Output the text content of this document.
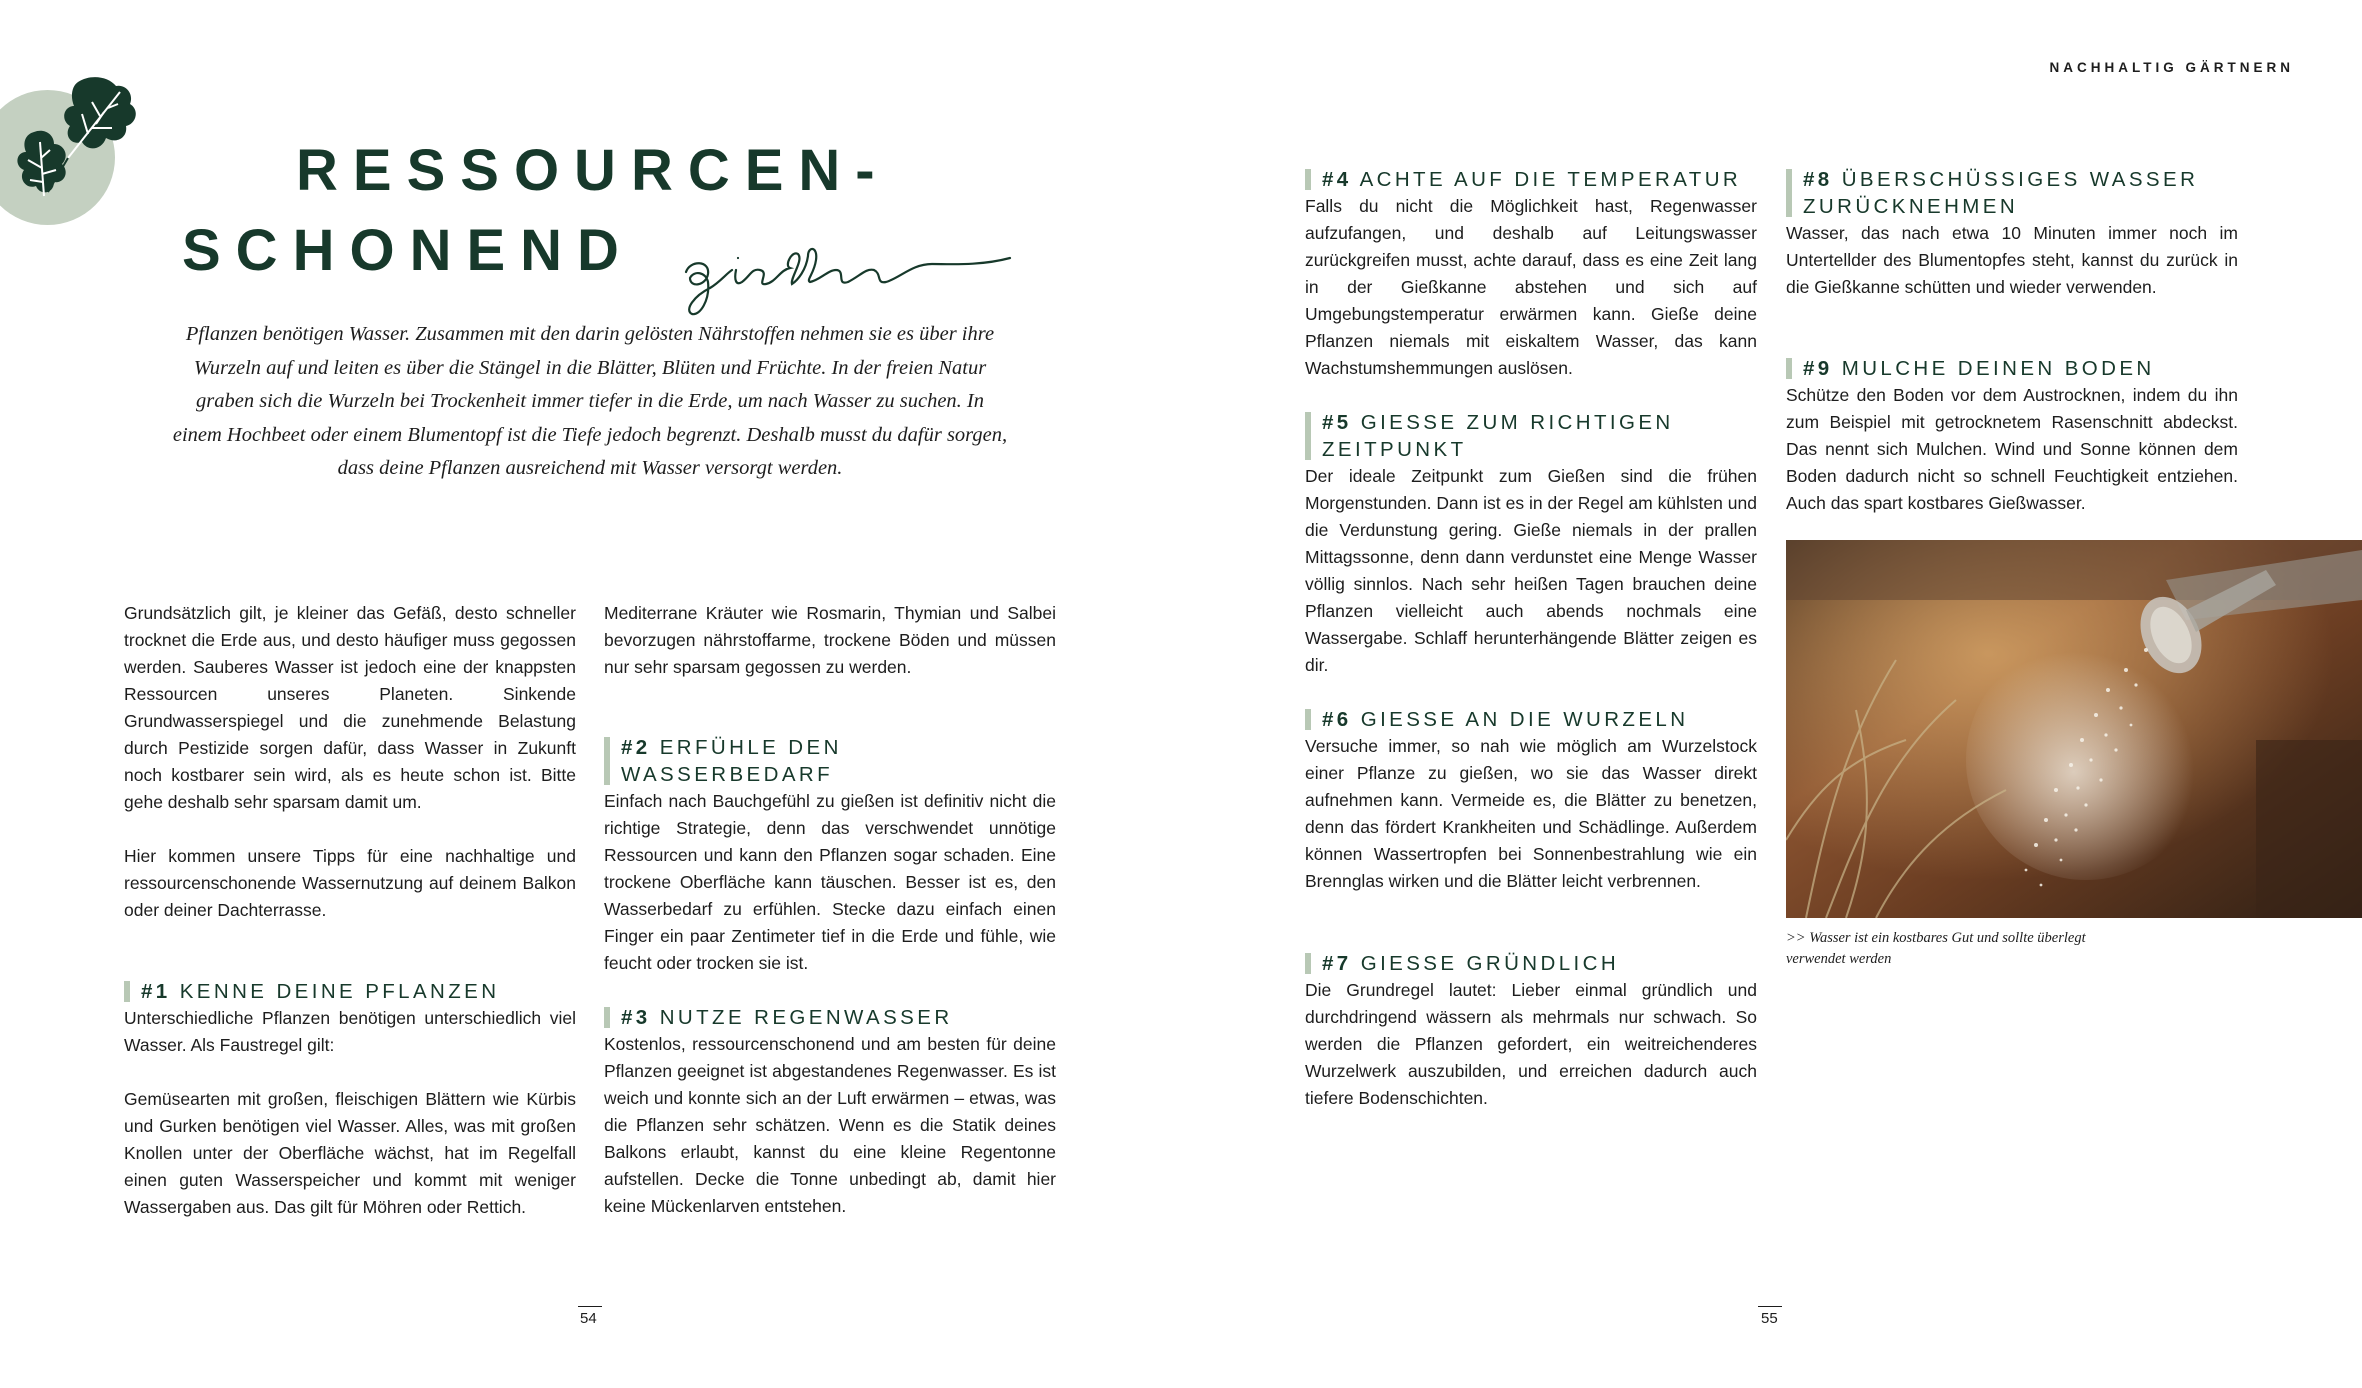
RESSOURCEN-
SCHONEND
Pflanzen benötigen Wasser. Zusammen mit den darin gelösten Nährstoffen nehmen sie es über ihre Wurzeln auf und leiten es über die Stängel in die Blätter, Blüten und Früchte. In der freien Natur graben sich die Wurzeln bei Trockenheit immer tiefer in die Erde, um nach Wasser zu suchen. In einem Hochbeet oder einem Blumentopf ist die Tiefe jedoch begrenzt. Deshalb musst du dafür sorgen, dass deine Pflanzen ausreichend mit Wasser versorgt werden.

Grundsätzlich gilt, je kleiner das Gefäß, desto schneller trocknet die Erde aus, und desto häufiger muss gegossen werden. Sauberes Wasser ist jedoch eine der knappsten Ressourcen unseres Planeten. Sinkende Grundwasserspiegel und die zunehmende Belastung durch Pestizide sorgen dafür, dass Wasser in Zukunft noch kostbarer sein wird, als es heute schon ist. Bitte gehe deshalb sehr sparsam damit um.

Hier kommen unsere Tipps für eine nachhaltige und ressourcenschonende Wassernutzung auf deinem Balkon oder deiner Dachterrasse.

#1 KENNE DEINE PFLANZEN
Unterschiedliche Pflanzen benötigen unterschiedlich viel Wasser. Als Faustregel gilt:
Gemüsearten mit großen, fleischigen Blättern wie Kürbis und Gurken benötigen viel Wasser. Alles, was mit großen Knollen unter der Oberfläche wächst, hat im Regelfall einen guten Wasserspeicher und kommt mit weniger Wassergaben aus. Das gilt für Möhren oder Rettich.

Mediterrane Kräuter wie Rosmarin, Thymian und Salbei bevorzugen nährstoffarme, trockene Böden und müssen nur sehr sparsam gegossen zu werden.

#2 ERFÜHLE DEN WASSERBEDARF
Einfach nach Bauchgefühl zu gießen ist definitiv nicht die richtige Strategie, denn das verschwendet unnötige Ressourcen und kann den Pflanzen sogar schaden. Eine trockene Oberfläche kann täuschen. Besser ist es, den Wasserbedarf zu erfühlen. Stecke dazu einfach einen Finger ein paar Zentimeter tief in die Erde und fühle, wie feucht oder trocken sie ist.
#3 NUTZE REGENWASSER
Kostenlos, ressourcenschonend und am besten für deine Pflanzen geeignet ist abgestandenes Regenwasser. Es ist weich und konnte sich an der Luft erwärmen – etwas, was die Pflanzen sehr schätzen. Wenn es die Statik deines Balkons erlaubt, kannst du eine kleine Regentonne aufstellen. Decke die Tonne unbedingt ab, damit hier keine Mückenlarven entstehen.
54
NACHHALTIG GÄRTNERN
#4 ACHTE AUF DIE TEMPERATUR
Falls du nicht die Möglichkeit hast, Regenwasser aufzufangen, und deshalb auf Leitungswasser zurückgreifen musst, achte darauf, dass es eine Zeit lang in der Gießkanne abstehen und sich auf Umgebungstemperatur erwärmen kann. Gieße deine Pflanzen niemals mit eiskaltem Wasser, das kann Wachstumshemmungen auslösen.
#5 GIESSE ZUM RICHTIGEN
ZEITPUNKT
Der ideale Zeitpunkt zum Gießen sind die frühen Morgenstunden. Dann ist es in der Regel am kühlsten und die Verdunstung gering. Gieße niemals in der prallen Mittagssonne, denn dann verdunstet eine Menge Wasser völlig sinnlos. Nach sehr heißen Tagen brauchen deine Pflanzen vielleicht auch abends nochmals eine Wassergabe. Schlaff herunterhängende Blätter zeigen es dir.
#6 GIESSE AN DIE WURZELN
Versuche immer, so nah wie möglich am Wurzelstock einer Pflanze zu gießen, wo sie das Wasser direkt aufnehmen kann. Vermeide es, die Blätter zu benetzen, denn das fördert Krankheiten und Schädlinge. Außerdem können Wassertropfen bei Sonnenbestrahlung wie ein Brennglas wirken und die Blätter leicht verbrennen.
#7 GIESSE GRÜNDLICH
Die Grundregel lautet: Lieber einmal gründlich und durchdringend wässern als mehrmals nur schwach. So werden die Pflanzen gefordert, ein weitreichenderes Wurzelwerk auszubilden, und erreichen dadurch auch tiefere Bodenschichten.
#8 ÜBERSCHÜSSIGES WASSER
ZURÜCKNEHMEN
Wasser, das nach etwa 10 Minuten immer noch im Untertellder des Blumentopfes steht, kannst du zurück in die Gießkanne schütten und wieder verwenden.
#9 MULCHE DEINEN BODEN
Schütze den Boden vor dem Austrocknen, indem du ihn zum Beispiel mit getrocknetem Rasenschnitt abdeckst. Das nennt sich Mulchen. Wind und Sonne können dem Boden dadurch nicht so schnell Feuchtigkeit entziehen. Auch das spart kostbares Gießwasser.
>> Wasser ist ein kostbares Gut und sollte überlegt verwendet werden
55
